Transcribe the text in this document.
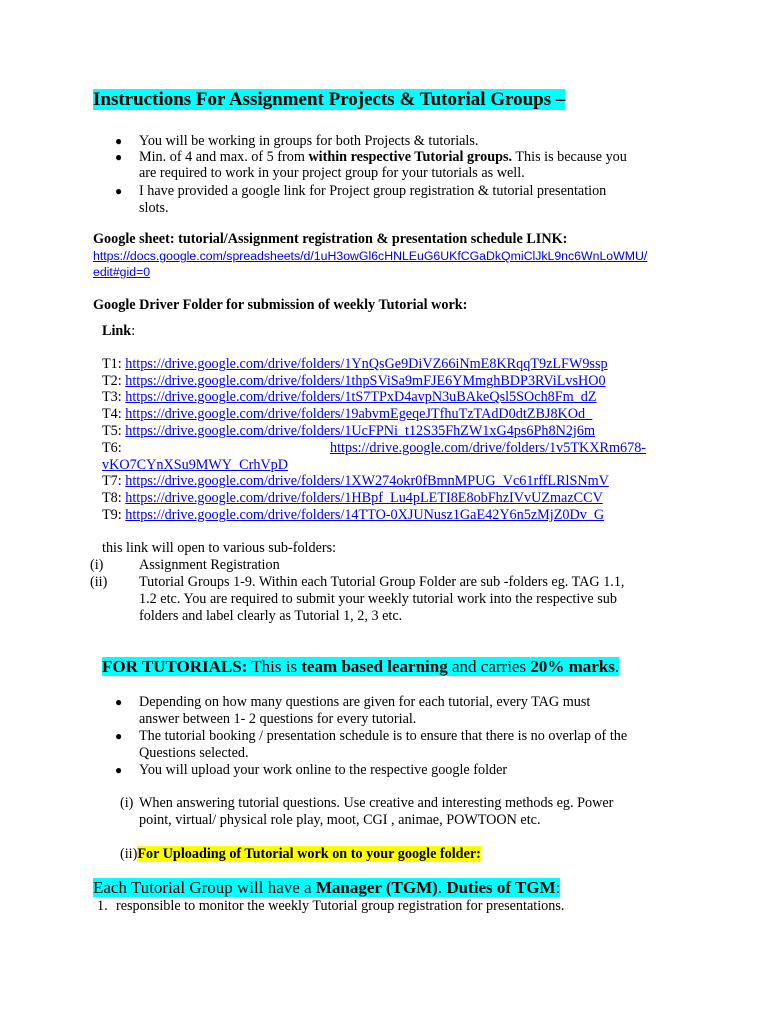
Instructions For Assignment Projects & Tutorial Groups –
● You will be working in groups for both Projects & tutorials.
● Min. of 4 and max. of 5 from within respective Tutorial groups. This is because you
are required to work in your project group for your tutorials as well.
● I have provided a google link for Project group registration & tutorial presentation
slots.
Google sheet: tutorial/Assignment registration & presentation schedule LINK:
https://docs.google.com/spreadsheets/d/1uH3owGl6cHNLEuG6UKfCGaDkQmiClJkL9nc6WnLoWMU/
edit#gid=0
Google Driver Folder for submission of weekly Tutorial work:
Link:
T1: https://drive.google.com/drive/folders/1YnQsGe9DiVZ66iNmE8KRqqT9zLFW9ssp
T2: https://drive.google.com/drive/folders/1thpSViSa9mFJE6YMmghBDP3RViLvsHO0
T3: https://drive.google.com/drive/folders/1tS7TPxD4avpN3uBAkeQsl5SOch8Fm_dZ
T4: https://drive.google.com/drive/folders/19abvmEgeqeJTfhuTzTAdD0dtZBJ8KOd_
T5: https://drive.google.com/drive/folders/1UcFPNi_t12S35FhZW1xG4ps6Ph8N2j6m
T6:	https://drive.google.com/drive/folders/1v5TKXRm678-
vKO7CYnXSu9MWY_CrhVpD
T7: https://drive.google.com/drive/folders/1XW274okr0fBmnMPUG_Vc61rffLRlSNmV
T8: https://drive.google.com/drive/folders/1HBpf_Lu4pLETI8E8obFhzIVvUZmazCCV
T9: https://drive.google.com/drive/folders/14TTO-0XJUNusz1GaE42Y6n5zMjZ0Dv_G
this link will open to various sub-folders:
(i)	Assignment Registration
(ii) Tutorial Groups 1-9. Within each Tutorial Group Folder are sub -folders eg. TAG 1.1,
1.2 etc. You are required to submit your weekly tutorial work into the respective sub
folders and label clearly as Tutorial 1, 2, 3 etc.
FOR TUTORIALS: This is team based learning and carries 20% marks.
● Depending on how many questions are given for each tutorial, every TAG must
answer between 1- 2 questions for every tutorial.
● The tutorial booking / presentation schedule is to ensure that there is no overlap of the
Questions selected.
● You will upload your work online to the respective google folder
(i) When answering tutorial questions. Use creative and interesting methods eg. Power
point, virtual/ physical role play, moot, CGI , animae, POWTOON etc.
(ii)For Uploading of Tutorial work on to your google folder:
Each Tutorial Group will have a Manager (TGM). Duties of TGM:
1. responsible to monitor the weekly Tutorial group registration for presentations.
